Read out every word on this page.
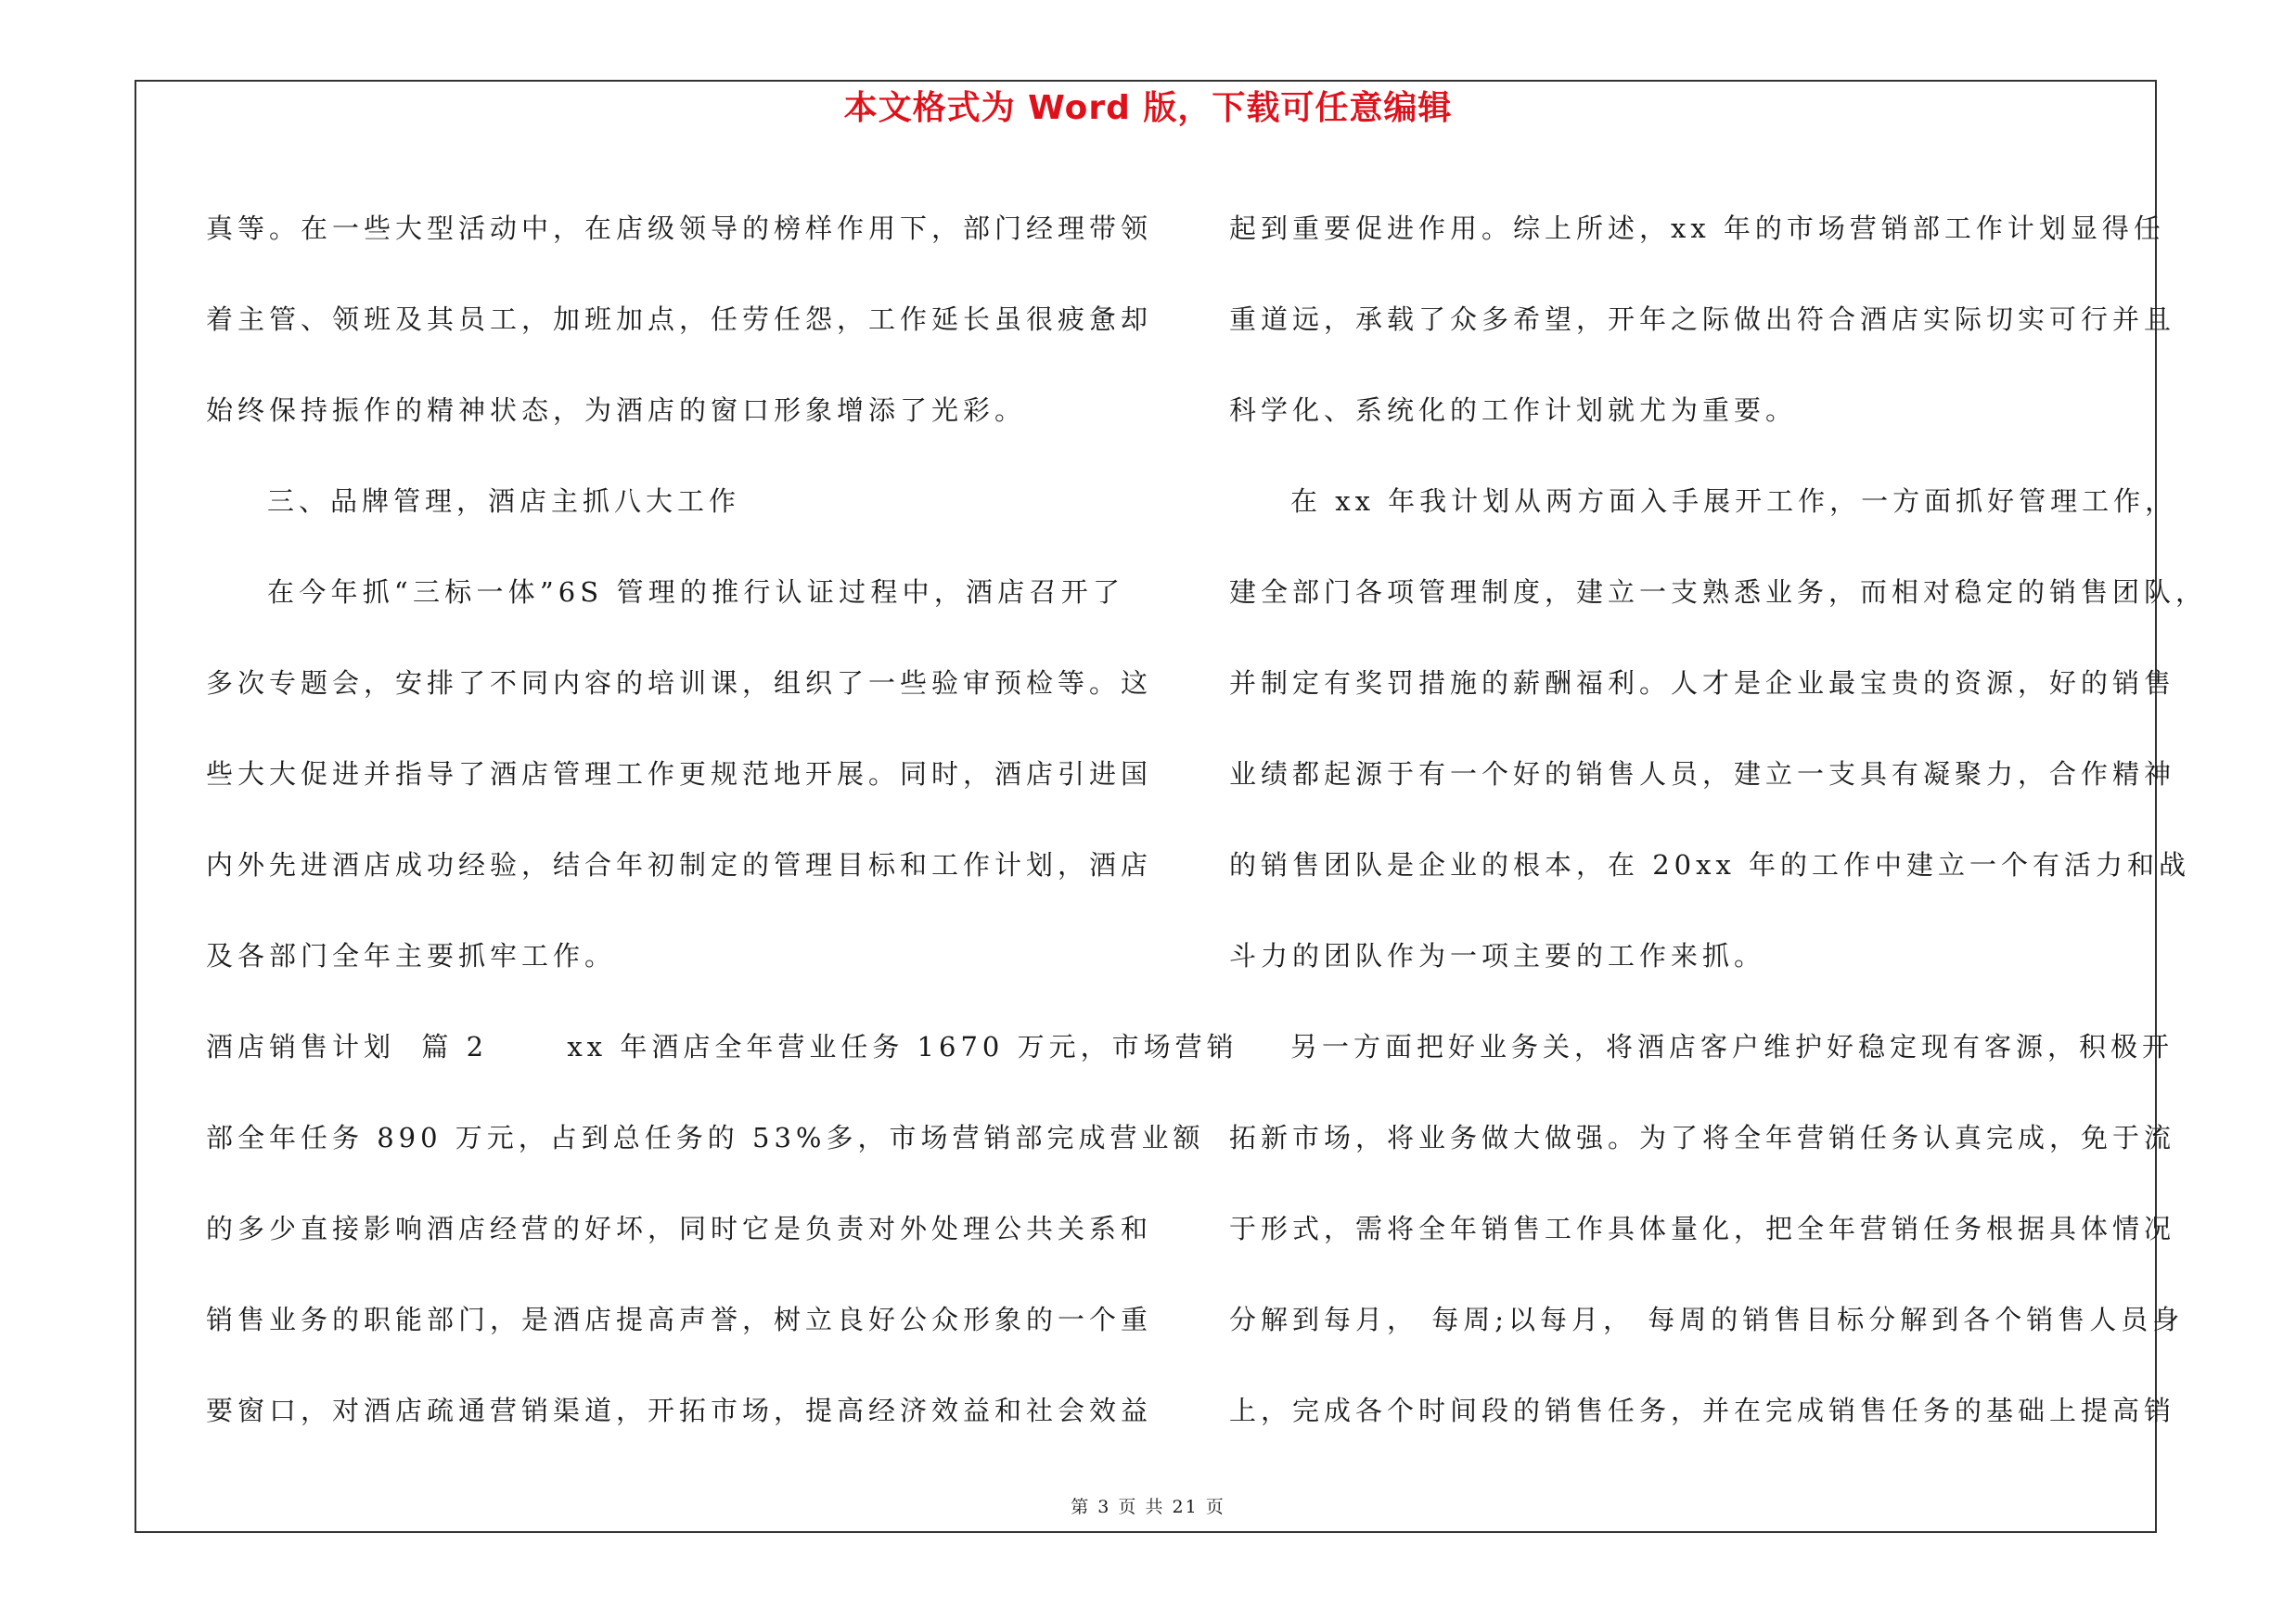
本文格式为 Word 版，下载可任意编辑
真等。在一些大型活动中，在店级领导的榜样作用下，部门经理带领
着主管、领班及其员工，加班加点，任劳任怨，工作延长虽很疲惫却
始终保持振作的精神状态，为酒店的窗口形象增添了光彩。
三、品牌管理，酒店主抓八大工作
在今年抓“三标一体”6S 管理的推行认证过程中，酒店召开了
多次专题会，安排了不同内容的培训课，组织了一些验审预检等。这
些大大促进并指导了酒店管理工作更规范地开展。同时，酒店引进国
内外先进酒店成功经验，结合年初制定的管理目标和工作计划，酒店
及各部门全年主要抓牢工作。
酒店销售计划  篇 2      xx 年酒店全年营业任务 1670 万元，市场营销
部全年任务 890 万元，占到总任务的 53%多，市场营销部完成营业额
的多少直接影响酒店经营的好坏，同时它是负责对外处理公共关系和
销售业务的职能部门，是酒店提高声誉，树立良好公众形象的一个重
要窗口，对酒店疏通营销渠道，开拓市场，提高经济效益和社会效益
起到重要促进作用。综上所述，xx 年的市场营销部工作计划显得任
重道远，承载了众多希望，开年之际做出符合酒店实际切实可行并且
科学化、系统化的工作计划就尤为重要。
在 xx 年我计划从两方面入手展开工作，一方面抓好管理工作，
建全部门各项管理制度，建立一支熟悉业务，而相对稳定的销售团队，
并制定有奖罚措施的薪酬福利。人才是企业最宝贵的资源，好的销售
业绩都起源于有一个好的销售人员，建立一支具有凝聚力，合作精神
的销售团队是企业的根本，在 20xx 年的工作中建立一个有活力和战
斗力的团队作为一项主要的工作来抓。
另一方面把好业务关，将酒店客户维护好稳定现有客源，积极开
拓新市场，将业务做大做强。为了将全年营销任务认真完成，免于流
于形式，需将全年销售工作具体量化，把全年营销任务根据具体情况
分解到每月， 每周;以每月， 每周的销售目标分解到各个销售人员身
上，完成各个时间段的销售任务，并在完成销售任务的基础上提高销
第 3 页 共 21 页
